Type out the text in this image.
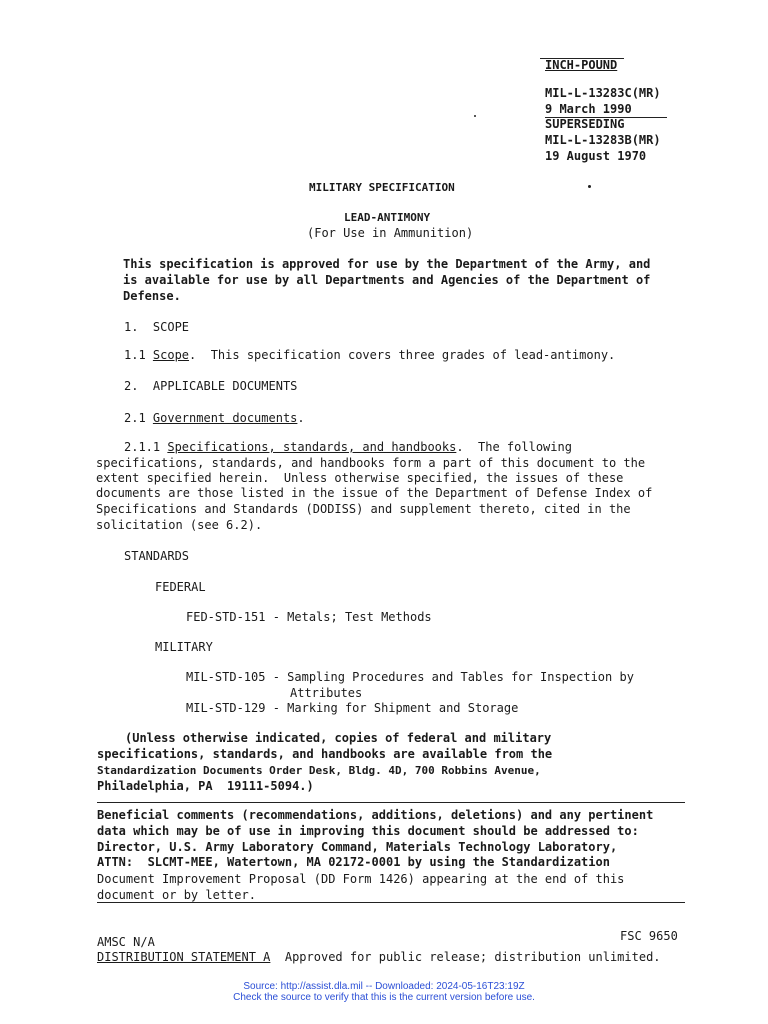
INCH-POUND
MIL-L-13283C(MR)
9 March 1990
SUPERSEDING
MIL-L-13283B(MR)
19 August 1970
MILITARY SPECIFICATION
LEAD-ANTIMONY
(For Use in Ammunition)
This specification is approved for use by the Department of the Army, and
is available for use by all Departments and Agencies of the Department of
Defense.
1.  SCOPE
1.1 Scope.  This specification covers three grades of lead-antimony.
2.  APPLICABLE DOCUMENTS
2.1 Government documents.
2.1.1 Specifications, standards, and handbooks.  The following
specifications, standards, and handbooks form a part of this document to the
extent specified herein.  Unless otherwise specified, the issues of these
documents are those listed in the issue of the Department of Defense Index of
Specifications and Standards (DODISS) and supplement thereto, cited in the
solicitation (see 6.2).
STANDARDS
FEDERAL
FED-STD-151 - Metals; Test Methods
MILITARY
MIL-STD-105 - Sampling Procedures and Tables for Inspection by
Attributes
MIL-STD-129 - Marking for Shipment and Storage
(Unless otherwise indicated, copies of federal and military
specifications, standards, and handbooks are available from the
Standardization Documents Order Desk, Bldg. 4D, 700 Robbins Avenue,
Philadelphia, PA  19111-5094.)
Beneficial comments (recommendations, additions, deletions) and any pertinent
data which may be of use in improving this document should be addressed to:
Director, U.S. Army Laboratory Command, Materials Technology Laboratory,
ATTN:  SLCMT-MEE, Watertown, MA 02172-0001 by using the Standardization
Document Improvement Proposal (DD Form 1426) appearing at the end of this
document or by letter.
AMSC N/A	FSC 9650
DISTRIBUTION STATEMENT A  Approved for public release; distribution unlimited.
Source: http://assist.dla.mil -- Downloaded: 2024-05-16T23:19Z
Check the source to verify that this is the current version before use.
